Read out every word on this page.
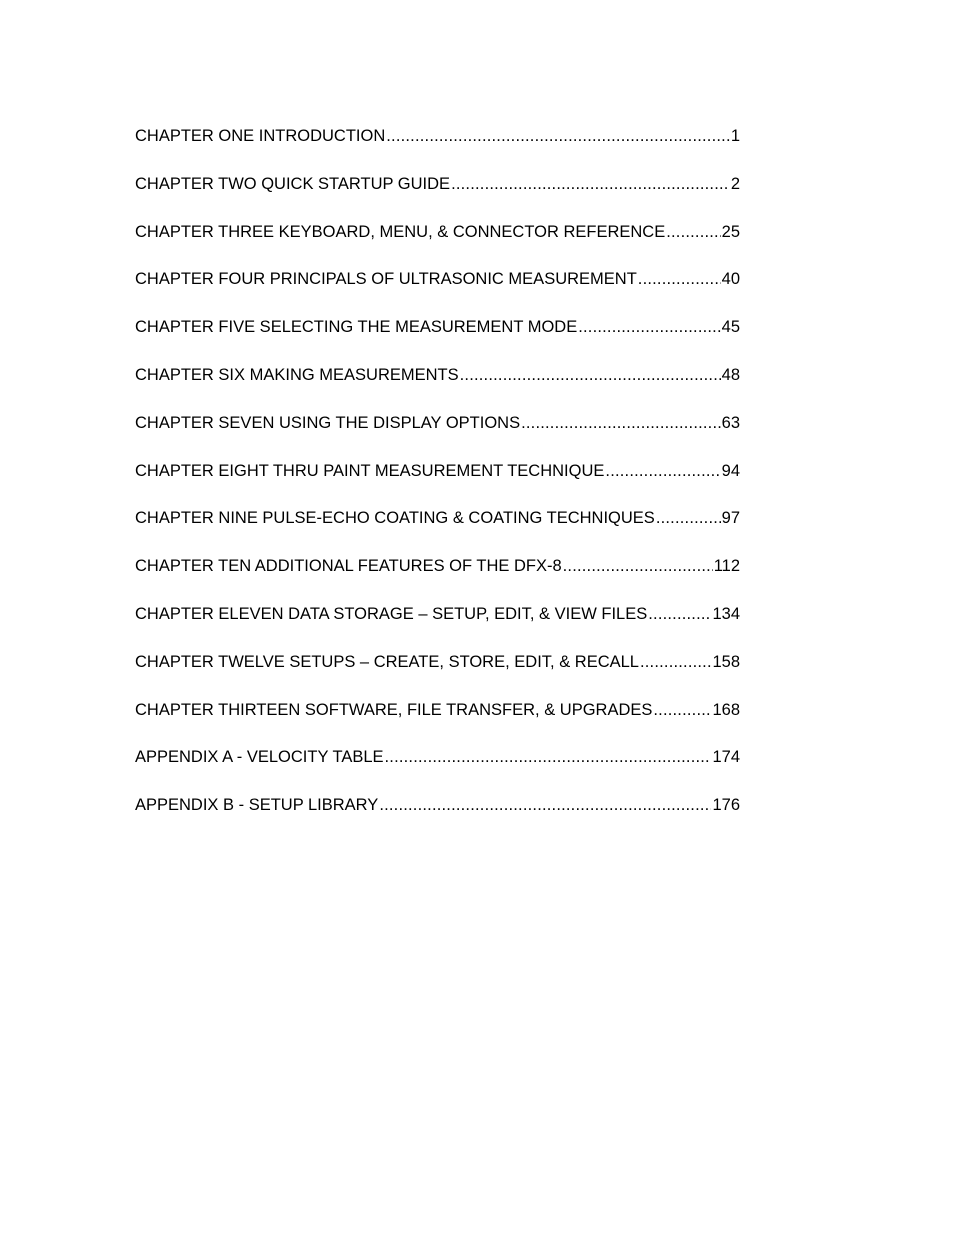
CHAPTER ONE INTRODUCTION .....	1
CHAPTER TWO QUICK STARTUP GUIDE .....	2
CHAPTER THREE KEYBOARD, MENU, & CONNECTOR REFERENCE .....	25
CHAPTER FOUR PRINCIPALS OF ULTRASONIC MEASUREMENT .....	40
CHAPTER FIVE SELECTING THE MEASUREMENT MODE .....	45
CHAPTER SIX MAKING MEASUREMENTS .....	48
CHAPTER SEVEN USING THE DISPLAY OPTIONS .....	63
CHAPTER EIGHT THRU PAINT MEASUREMENT TECHNIQUE .....	94
CHAPTER NINE PULSE-ECHO COATING & COATING TECHNIQUES .....	97
CHAPTER TEN ADDITIONAL FEATURES OF THE DFX-8 .....	112
CHAPTER ELEVEN DATA STORAGE – SETUP, EDIT, & VIEW FILES .....	134
CHAPTER TWELVE SETUPS – CREATE, STORE, EDIT, & RECALL .....	158
CHAPTER THIRTEEN SOFTWARE, FILE TRANSFER, & UPGRADES .....	168
APPENDIX A - VELOCITY TABLE .....	174
APPENDIX B - SETUP LIBRARY .....	176
